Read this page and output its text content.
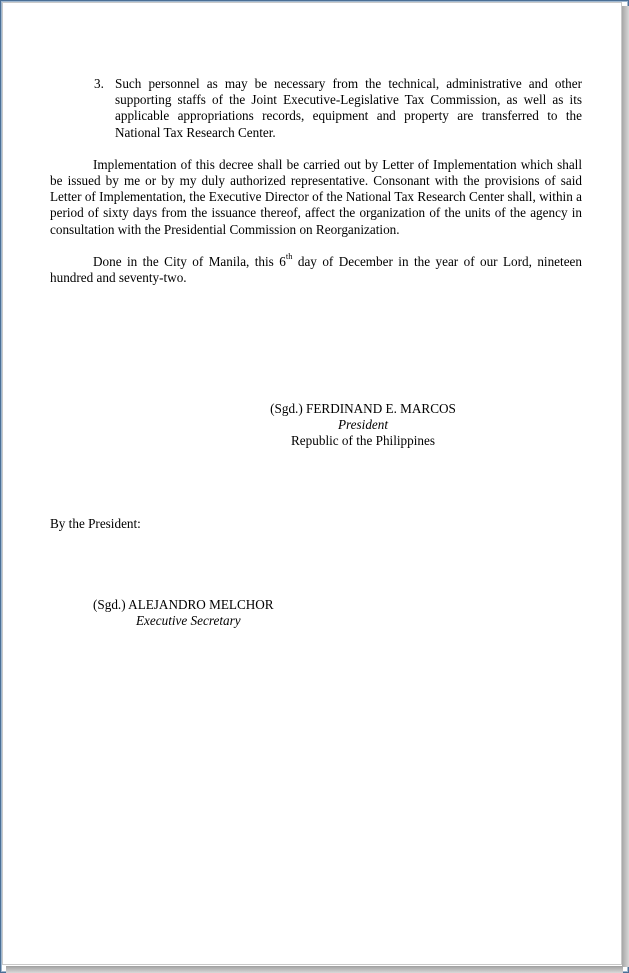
3. Such personnel as may be necessary from the technical, administrative and other supporting staffs of the Joint Executive-Legislative Tax Commission, as well as its applicable appropriations records, equipment and property are transferred to the National Tax Research Center.
Implementation of this decree shall be carried out by Letter of Implementation which shall be issued by me or by my duly authorized representative. Consonant with the provisions of said Letter of Implementation, the Executive Director of the National Tax Research Center shall, within a period of sixty days from the issuance thereof, affect the organization of the units of the agency in consultation with the Presidential Commission on Reorganization.
Done in the City of Manila, this 6th day of December in the year of our Lord, nineteen hundred and seventy-two.
(Sgd.) FERDINAND E. MARCOS
President
Republic of the Philippines
By the President:
(Sgd.) ALEJANDRO MELCHOR
Executive Secretary
